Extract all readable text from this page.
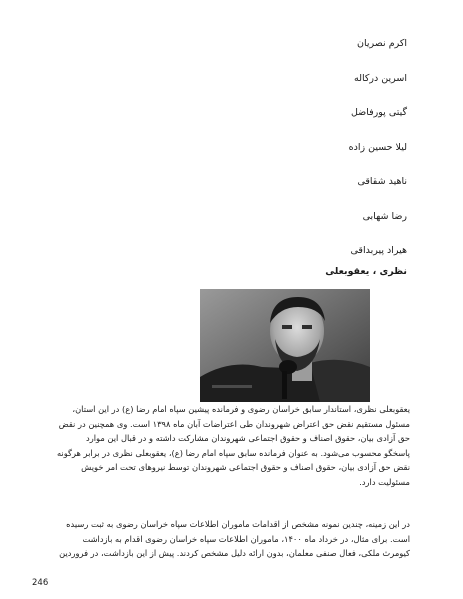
اکرم نصریان
اسرین درکاله
گیتی پورفاضل
لیلا حسین زاده
ناهید شقاقی
رضا شهابی
هیراد پیربداقی
نظری ، یعقوبعلی
یعقوبعلی نظری، استاندار سابق خراسان رضوی و فرمانده پیشین سپاه امام رضا (ع) در این استان،
مسئول مستقیم نقض حق اعتراض شهروندان طی اعتراضات آبان ماه ۱۳۹۸ است. وی همچنین در نقض
حق آزادی بیان، حقوق اصناف و حقوق اجتماعی شهروندان مشارکت داشته و در قبال این موارد
پاسخگو محسوب می‌شود. به عنوان فرمانده سابق سپاه امام رضا (ع)، یعقوبعلی نظری در برابر هرگونه
نقض حق آزادی بیان، حقوق اصناف و حقوق اجتماعی شهروندان توسط نیروهای تحت امر خویش
مسئولیت دارد.
در این زمینه، چندین نمونه مشخص از اقدامات ماموران اطلاعات سپاه خراسان رضوی به ثبت رسیده
است. برای مثال، در خرداد ماه ۱۴۰۰، ماموران اطلاعات سپاه خراسان رضوی اقدام به بازداشت
کیومرث ملکی، فعال صنفی معلمان، بدون ارائه دلیل مشخص کردند. پیش از این بازداشت، در فروردین
246
